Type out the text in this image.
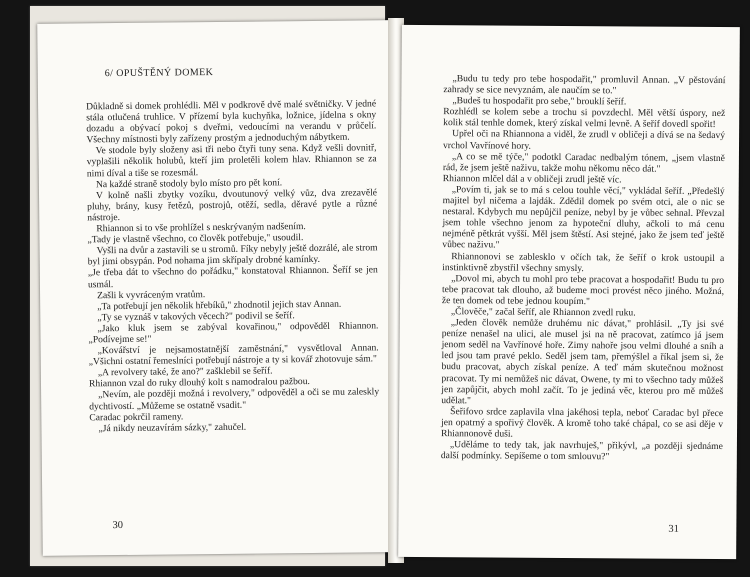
6/ OPUŠTĚNÝ DOMEK

Důkladně si domek prohlédli. Měl v podkrově dvě malé světničky. V jedné stála otlučená truhlice. V přízemí byla kuchyňka, ložnice, jídelna s okny dozadu a obývací pokoj s dveřmi, vedoucími na verandu v průčelí. Všechny místnosti byly zařízeny prostým a jednoduchým nábytkem.

Ve stodole byly složeny asi tři nebo čtyři tuny sena. Když vešli dovnitř, vyplašili několik holubů, kteří jim proletěli kolem hlav. Rhiannon se za nimi díval a tiše se rozesmál.

Na každé straně stodoly bylo místo pro pět koní.

V kolně našli zbytky vozíku, dvoutunový velký vůz, dva zrezavělé pluhy, brány, kusy řetězů, postrojů, otěží, sedla, děravé pytle a různé nástroje.

Rhiannon si to vše prohlížel s neskrývaným nadšením.

„Tady je vlastně všechno, co člověk potřebuje," usoudil.

Vyšli na dvůr a zastavili se u stromů. Fíky nebyly ještě dozrálé, ale strom byl jimi obsypán. Pod nohama jim skřípaly drobné kamínky.

„Je třeba dát to všechno do pořádku," konstatoval Rhiannon. Šeříf se jen usmál.

Zašli k vyvráceným vratům.

„Ta potřebují jen několik hřebíků," zhodnotil jejich stav Annan.

„Ty se vyznáš v takových věcech?" podivil se šeříf.

„Jako kluk jsem se zabýval kovařinou," odpověděl Rhiannon. „Podívejme se!"

„Kovářství je nejsamostatnější zaměstnání," vysvětloval Annan. „Všichni ostatní řemeslníci potřebují nástroje a ty si kovář zhotovuje sám."

„A revolvery také, že ano?" zašklebil se šeříf.

Rhiannon vzal do ruky dlouhý kolt s namodralou pažbou.

„Nevím, ale později možná i revolvery," odpověděl a oči se mu zaleskly dychtivostí. „Můžeme se ostatně vsadit."

Caradac pokrčil rameny.

„Já nikdy neuzavírám sázky," zahučel.

30

„Budu tu tedy pro tebe hospodařit," promluvil Annan. „V pěstování zahrady se sice nevyznám, ale naučím se to."

„Budeš tu hospodařit pro sebe," brouklí šeříf.

Rozhlédl se kolem sebe a trochu si povzdechl. Měl větší úspory, než kolik stál tenhle domek, který získal velmi levně. A šeříf dovedl spořit!

Upřel oči na Rhiannona a viděl, že zrudl v obličeji a dívá se na šedavý vrchol Vavřínové hory.

„A co se mě týče," podotkl Caradac nedbalým tónem, „jsem vlastně rád, že jsem ještě naživu, takže mohu někomu něco dát."

Rhiannon mlčel dál a v obličeji zrudl ještě víc.

„Povím ti, jak se to má s celou touhle věcí," vykládal šeříf. „Předešlý majitel byl ničema a lajdák. Zdědil domek po svém otci, ale o nic se nestaral. Kdybych mu nepůjčil peníze, nebyl by je vůbec sehnal. Převzal jsem tohle všechno jenom za hypoteční dluhy, ačkoli to má cenu nejméně pětkrát vyšší. Měl jsem štěstí. Asi stejné, jako že jsem teď ještě vůbec naživu."

Rhiannonovi se zablesklo v očích tak, že šeříf o krok ustoupil a instinktivně zbystřil všechny smysly.

„Dovol mi, abych tu mohl pro tebe pracovat a hospodařit! Budu tu pro tebe pracovat tak dlouho, až budeme moci provést něco jiného. Možná, že ten domek od tebe jednou koupím."

„Člověče," začal šeříf, ale Rhiannon zvedl ruku.

„Jeden člověk nemůže druhému nic dávat," prohlásil. „Ty jsi své peníze nenašel na ulici, ale musel jsi na ně pracovat, zatímco já jsem jenom seděl na Vavřínové hoře. Zimy nahoře jsou velmi dlouhé a sníh a led jsou tam pravé peklo. Seděl jsem tam, přemýšlel a říkal jsem si, že budu pracovat, abych získal peníze. A teď mám skutečnou možnost pracovat. Ty mi nemůžeš nic dávat, Owene, ty mi to všechno tady můžeš jen zapůjčit, abych mohl začít. To je jediná věc, kterou pro mě můžeš udělat."

Šeřifovo srdce zaplavila vlna jakéhosi tepla, neboť Caradac byl přece jen opatrný a spořivý člověk. A kromě toho také chápal, co se asi děje v Rhiannonově duši.

„Uděláme to tedy tak, jak navrhuješ," přikývl, „a později sjednáme další podmínky. Sepíšeme o tom smlouvu?"

31
